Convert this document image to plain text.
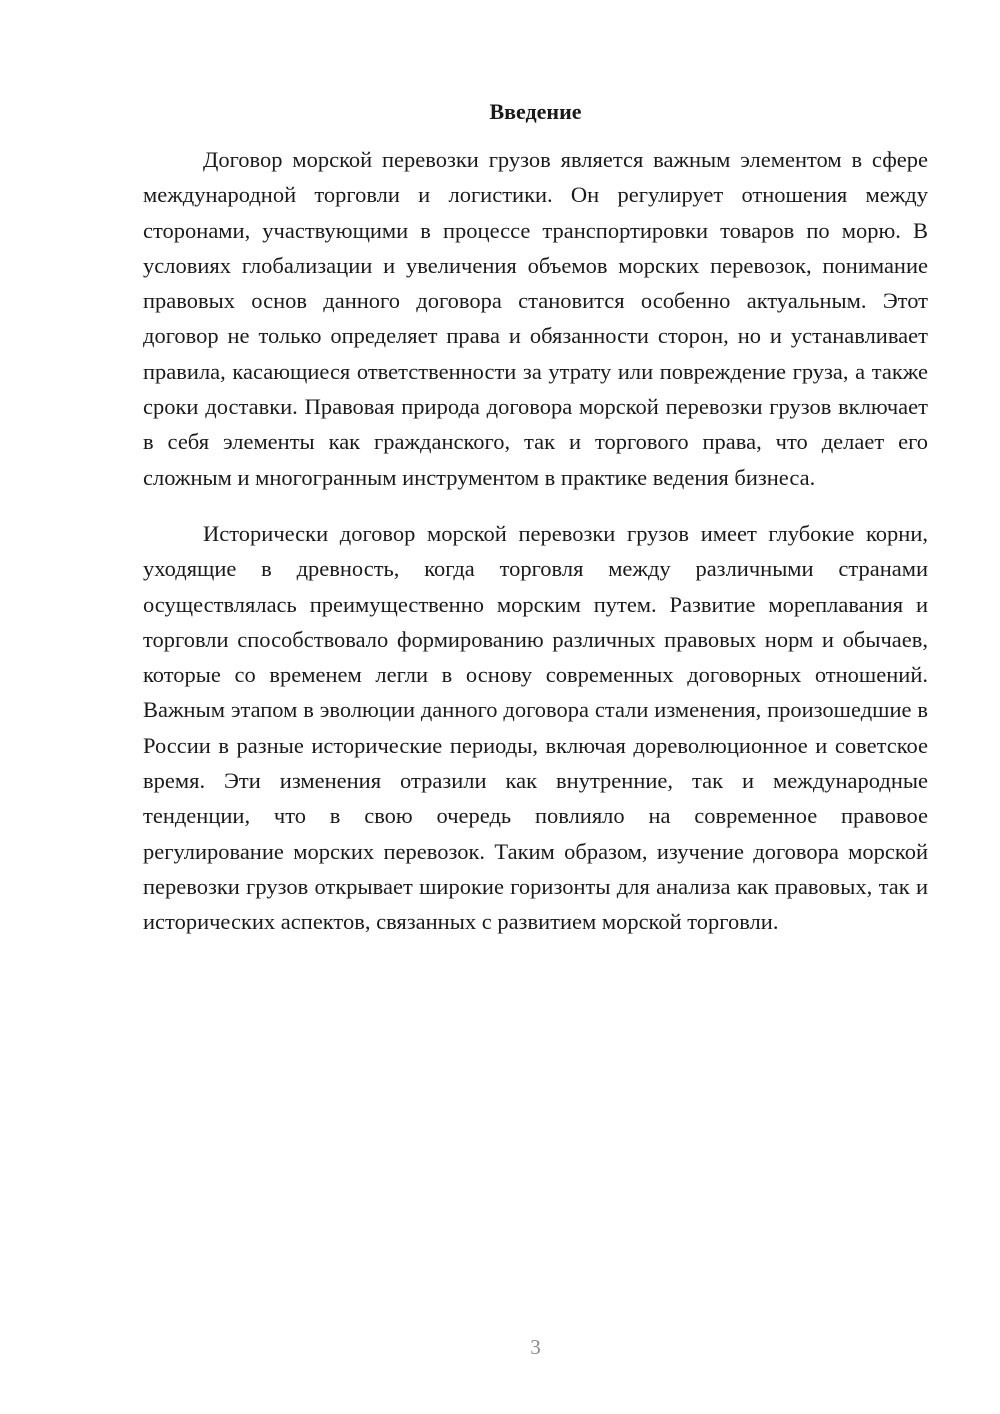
Введение

Договор морской перевозки грузов является важным элементом в сфере международной торговли и логистики. Он регулирует отношения между сторонами, участвующими в процессе транспортировки товаров по морю. В условиях глобализации и увеличения объемов морских перевозок, понимание правовых основ данного договора становится особенно актуальным. Этот договор не только определяет права и обязанности сторон, но и устанавливает правила, касающиеся ответственности за утрату или повреждение груза, а также сроки доставки. Правовая природа договора морской перевозки грузов включает в себя элементы как гражданского, так и торгового права, что делает его сложным и многогранным инструментом в практике ведения бизнеса.

Исторически договор морской перевозки грузов имеет глубокие корни, уходящие в древность, когда торговля между различными странами осуществлялась преимущественно морским путем. Развитие мореплавания и торговли способствовало формированию различных правовых норм и обычаев, которые со временем легли в основу современных договорных отношений. Важным этапом в эволюции данного договора стали изменения, произошедшие в России в разные исторические периоды, включая дореволюционное и советское время. Эти изменения отразили как внутренние, так и международные тенденции, что в свою очередь повлияло на современное правовое регулирование морских перевозок. Таким образом, изучение договора морской перевозки грузов открывает широкие горизонты для анализа как правовых, так и исторических аспектов, связанных с развитием морской торговли.

3
